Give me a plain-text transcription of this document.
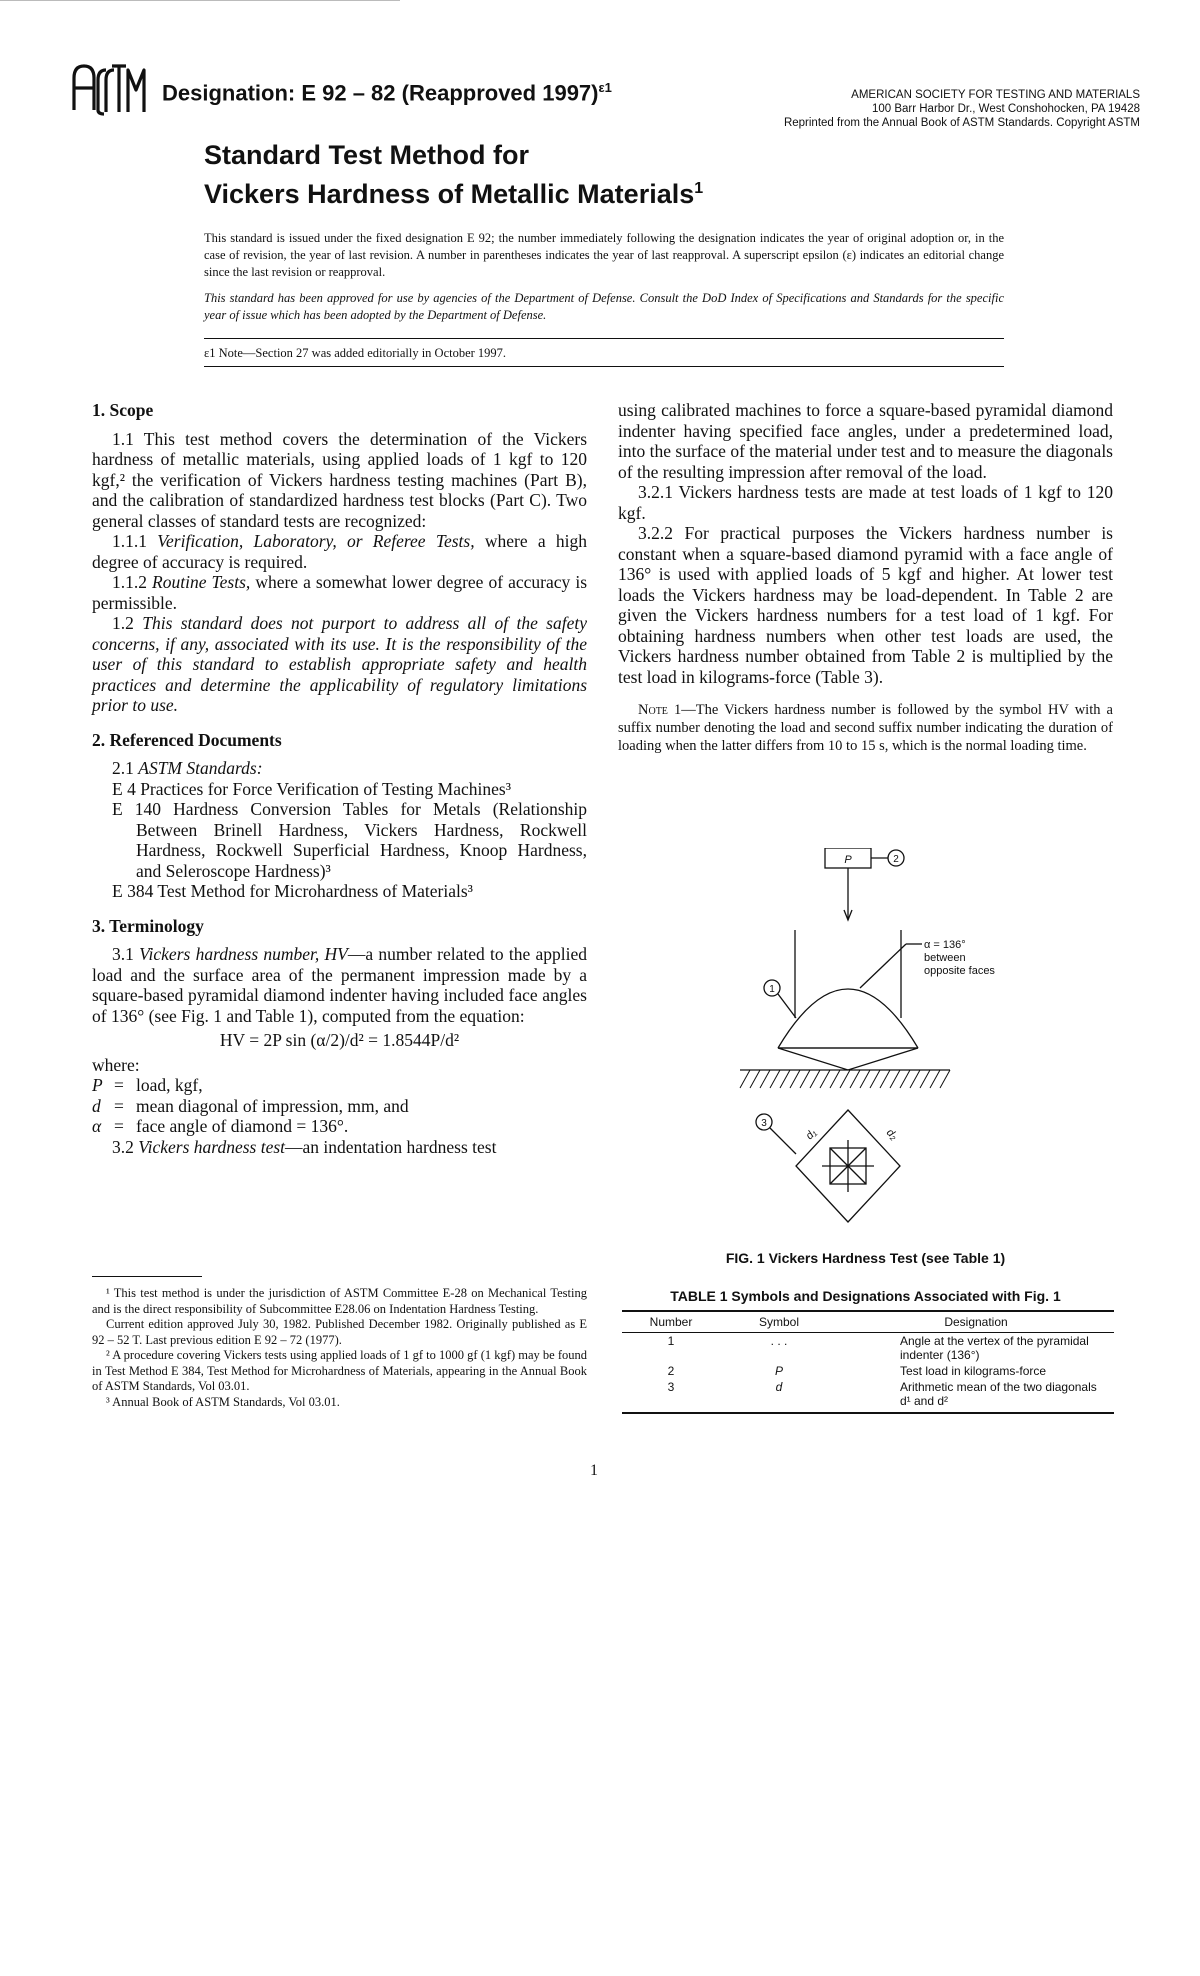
ASTM
Designation: E 92 – 82 (Reapproved 1997)$^{\varepsilon 1}$	AMERICAN SOCIETY FOR TESTING AND MATERIALS
100 Barr Harbor Dr., West Conshohocken, PA 19428
Reprinted from the Annual Book of ASTM Standards. Copyright ASTM
Standard Test Method for
Vickers Hardness of Metallic Materials$^1$
This standard is issued under the fixed designation E 92; the number immediately following the designation indicates the year of original adoption or, in the case of revision, the year of last revision. A number in parentheses indicates the year of last reapproval. A superscript epsilon (ε) indicates an editorial change since the last revision or reapproval.
This standard has been approved for use by agencies of the Department of Defense. Consult the DoD Index of Specifications and Standards for the specific year of issue which has been adopted by the Department of Defense.
ε1 Note—Section 27 was added editorially in October 1997.

1. Scope

1.1 This test method covers the determination of the Vickers hardness of metallic materials, using applied loads of 1 kgf to 120 kgf,² the verification of Vickers hardness testing machines (Part B), and the calibration of standardized hardness test blocks (Part C). Two general classes of standard tests are recognized:

1.1.1 Verification, Laboratory, or Referee Tests, where a high degree of accuracy is required.

1.1.2 Routine Tests, where a somewhat lower degree of accuracy is permissible.

1.2 This standard does not purport to address all of the safety concerns, if any, associated with its use. It is the responsibility of the user of this standard to establish appropriate safety and health practices and determine the applicability of regulatory limitations prior to use.

2. Referenced Documents

2.1 ASTM Standards:

E 4 Practices for Force Verification of Testing Machines³

E 140 Hardness Conversion Tables for Metals (Relationship Between Brinell Hardness, Vickers Hardness, Rockwell Hardness, Rockwell Superficial Hardness, Knoop Hardness, and Seleroscope Hardness)³

E 384 Test Method for Microhardness of Materials³

3. Terminology

3.1 Vickers hardness number, HV—a number related to the applied load and the surface area of the permanent impression made by a square-based pyramidal diamond indenter having included face angles of 136° (see Fig. 1 and Table 1), computed from the equation:

HV = 2P sin (α/2)/d² = 1.8544P/d²

where:

P = load, kgf,
d = mean diagonal of impression, mm, and
α = face angle of diamond = 136°.

3.2 Vickers hardness test—an indentation hardness test

using calibrated machines to force a square-based pyramidal diamond indenter having specified face angles, under a predetermined load, into the surface of the material under test and to measure the diagonals of the resulting impression after removal of the load.

3.2.1 Vickers hardness tests are made at test loads of 1 kgf to 120 kgf.

3.2.2 For practical purposes the Vickers hardness number is constant when a square-based diamond pyramid with a face angle of 136° is used with applied loads of 5 kgf and higher. At lower test loads the Vickers hardness may be load-dependent. In Table 2 are given the Vickers hardness numbers for a test load of 1 kgf. For obtaining hardness numbers when other test loads are used, the Vickers hardness number obtained from Table 2 is multiplied by the test load in kilograms-force (Table 3).

Note 1—The Vickers hardness number is followed by the symbol HV with a suffix number denoting the load and second suffix number indicating the duration of loading when the latter differs from 10 to 15 s, which is the normal loading time.

P	2
1
3
α = 136°
between
opposite faces
d₁	d₂
FIG. 1 Vickers Hardness Test (see Table 1)
TABLE 1 Symbols and Designations Associated with Fig. 1
Number	Symbol	Designation
1	. . .	Angle at the vertex of the pyramidal indenter (136°)
2	P	Test load in kilograms-force
3	d	Arithmetic mean of the two diagonals d¹ and d²

¹ This test method is under the jurisdiction of ASTM Committee E-28 on Mechanical Testing and is the direct responsibility of Subcommittee E28.06 on Indentation Hardness Testing.

Current edition approved July 30, 1982. Published December 1982. Originally published as E 92 – 52 T. Last previous edition E 92 – 72 (1977).

² A procedure covering Vickers tests using applied loads of 1 gf to 1000 gf (1 kgf) may be found in Test Method E 384, Test Method for Microhardness of Materials, appearing in the Annual Book of ASTM Standards, Vol 03.01.

³ Annual Book of ASTM Standards, Vol 03.01.

1
